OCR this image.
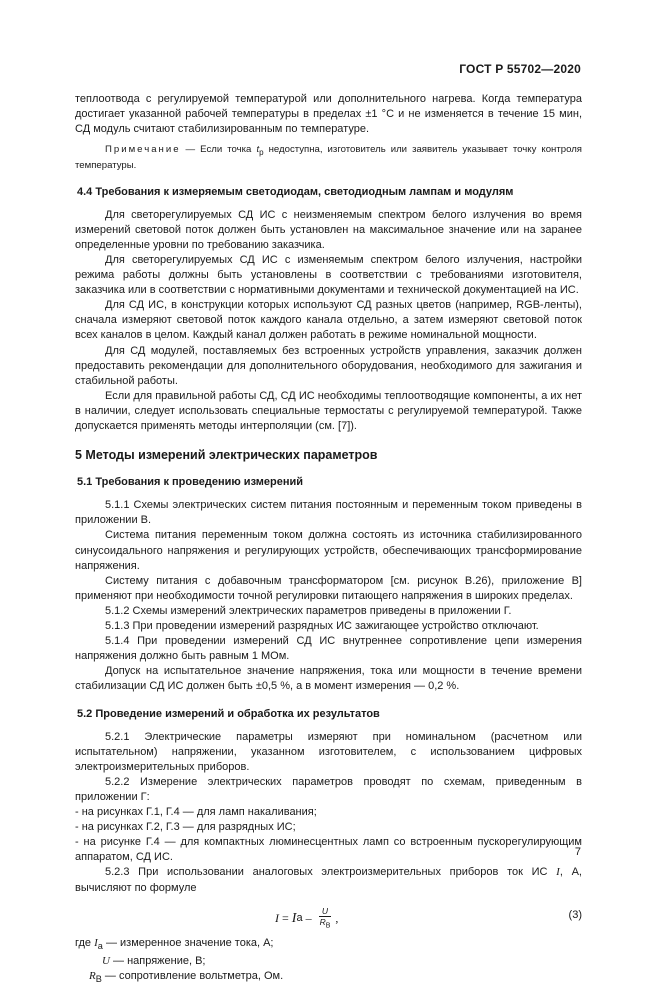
ГОСТ Р 55702—2020

теплоотвода с регулируемой температурой или дополнительного нагрева. Когда температура достигает указанной рабочей температуры в пределах ±1 °С и не изменяется в течение 15 мин, СД модуль считают стабилизированным по температуре.

Примечание — Если точка $t_p$ недоступна, изготовитель или заявитель указывает точку контроля температуры.

4.4 Требования к измеряемым светодиодам, светодиодным лампам и модулям

Для светорегулируемых СД ИС с неизменяемым спектром белого излучения во время измерений световой поток должен быть установлен на максимальное значение или на заранее определенные уровни по требованию заказчика.

Для светорегулируемых СД ИС с изменяемым спектром белого излучения, настройки режима работы должны быть установлены в соответствии с требованиями изготовителя, заказчика или в соответствии с нормативными документами и технической документацией на ИС.

Для СД ИС, в конструкции которых используют СД разных цветов (например, RGB-ленты), сначала измеряют световой поток каждого канала отдельно, а затем измеряют световой поток всех каналов в целом. Каждый канал должен работать в режиме номинальной мощности.

Для СД модулей, поставляемых без встроенных устройств управления, заказчик должен предоставить рекомендации для дополнительного оборудования, необходимого для зажигания и стабильной работы.

Если для правильной работы СД, СД ИС необходимы теплоотводящие компоненты, а их нет в наличии, следует использовать специальные термостаты с регулируемой температурой. Также допускается применять методы интерполяции (см. [7]).

5 Методы измерений электрических параметров
5.1 Требования к проведению измерений

5.1.1 Схемы электрических систем питания постоянным и переменным током приведены в приложении В.

Система питания переменным током должна состоять из источника стабилизированного синусоидального напряжения и регулирующих устройств, обеспечивающих трансформирование напряжения.

Систему питания с добавочным трансформатором [см. рисунок В.26), приложение В] применяют при необходимости точной регулировки питающего напряжения в широких пределах.

5.1.2 Схемы измерений электрических параметров приведены в приложении Г.

5.1.3 При проведении измерений разрядных ИС зажигающее устройство отключают.

5.1.4 При проведении измерений СД ИС внутреннее сопротивление цепи измерения напряжения должно быть равным 1 МОм.

Допуск на испытательное значение напряжения, тока или мощности в течение времени стабилизации СД ИС должен быть ±0,5 %, а в момент измерения — 0,2 %.

5.2 Проведение измерений и обработка их результатов

5.2.1 Электрические параметры измеряют при номинальном (расчетном или испытательном) напряжении, указанном изготовителем, с использованием цифровых электроизмерительных приборов.

5.2.2 Измерение электрических параметров проводят по схемам, приведенным в приложении Г:

- на рисунках Г.1, Г.4 — для ламп накаливания;

- на рисунках Г.2, Г.3 — для разрядных ИС;

- на рисунке Г.4 — для компактных люминесцентных ламп со встроенным пускорегулирующим аппаратом, СД ИС.

5.2.3 При использовании аналоговых электроизмерительных приборов ток ИС I, А, вычисляют по формуле

I = I a – $\frac{U}{R_В}$ ,	(3)
где $I_a$ — измеренное значение тока, А;
U — напряжение, В;
$R_В$ — сопротивление вольтметра, Ом.
7
